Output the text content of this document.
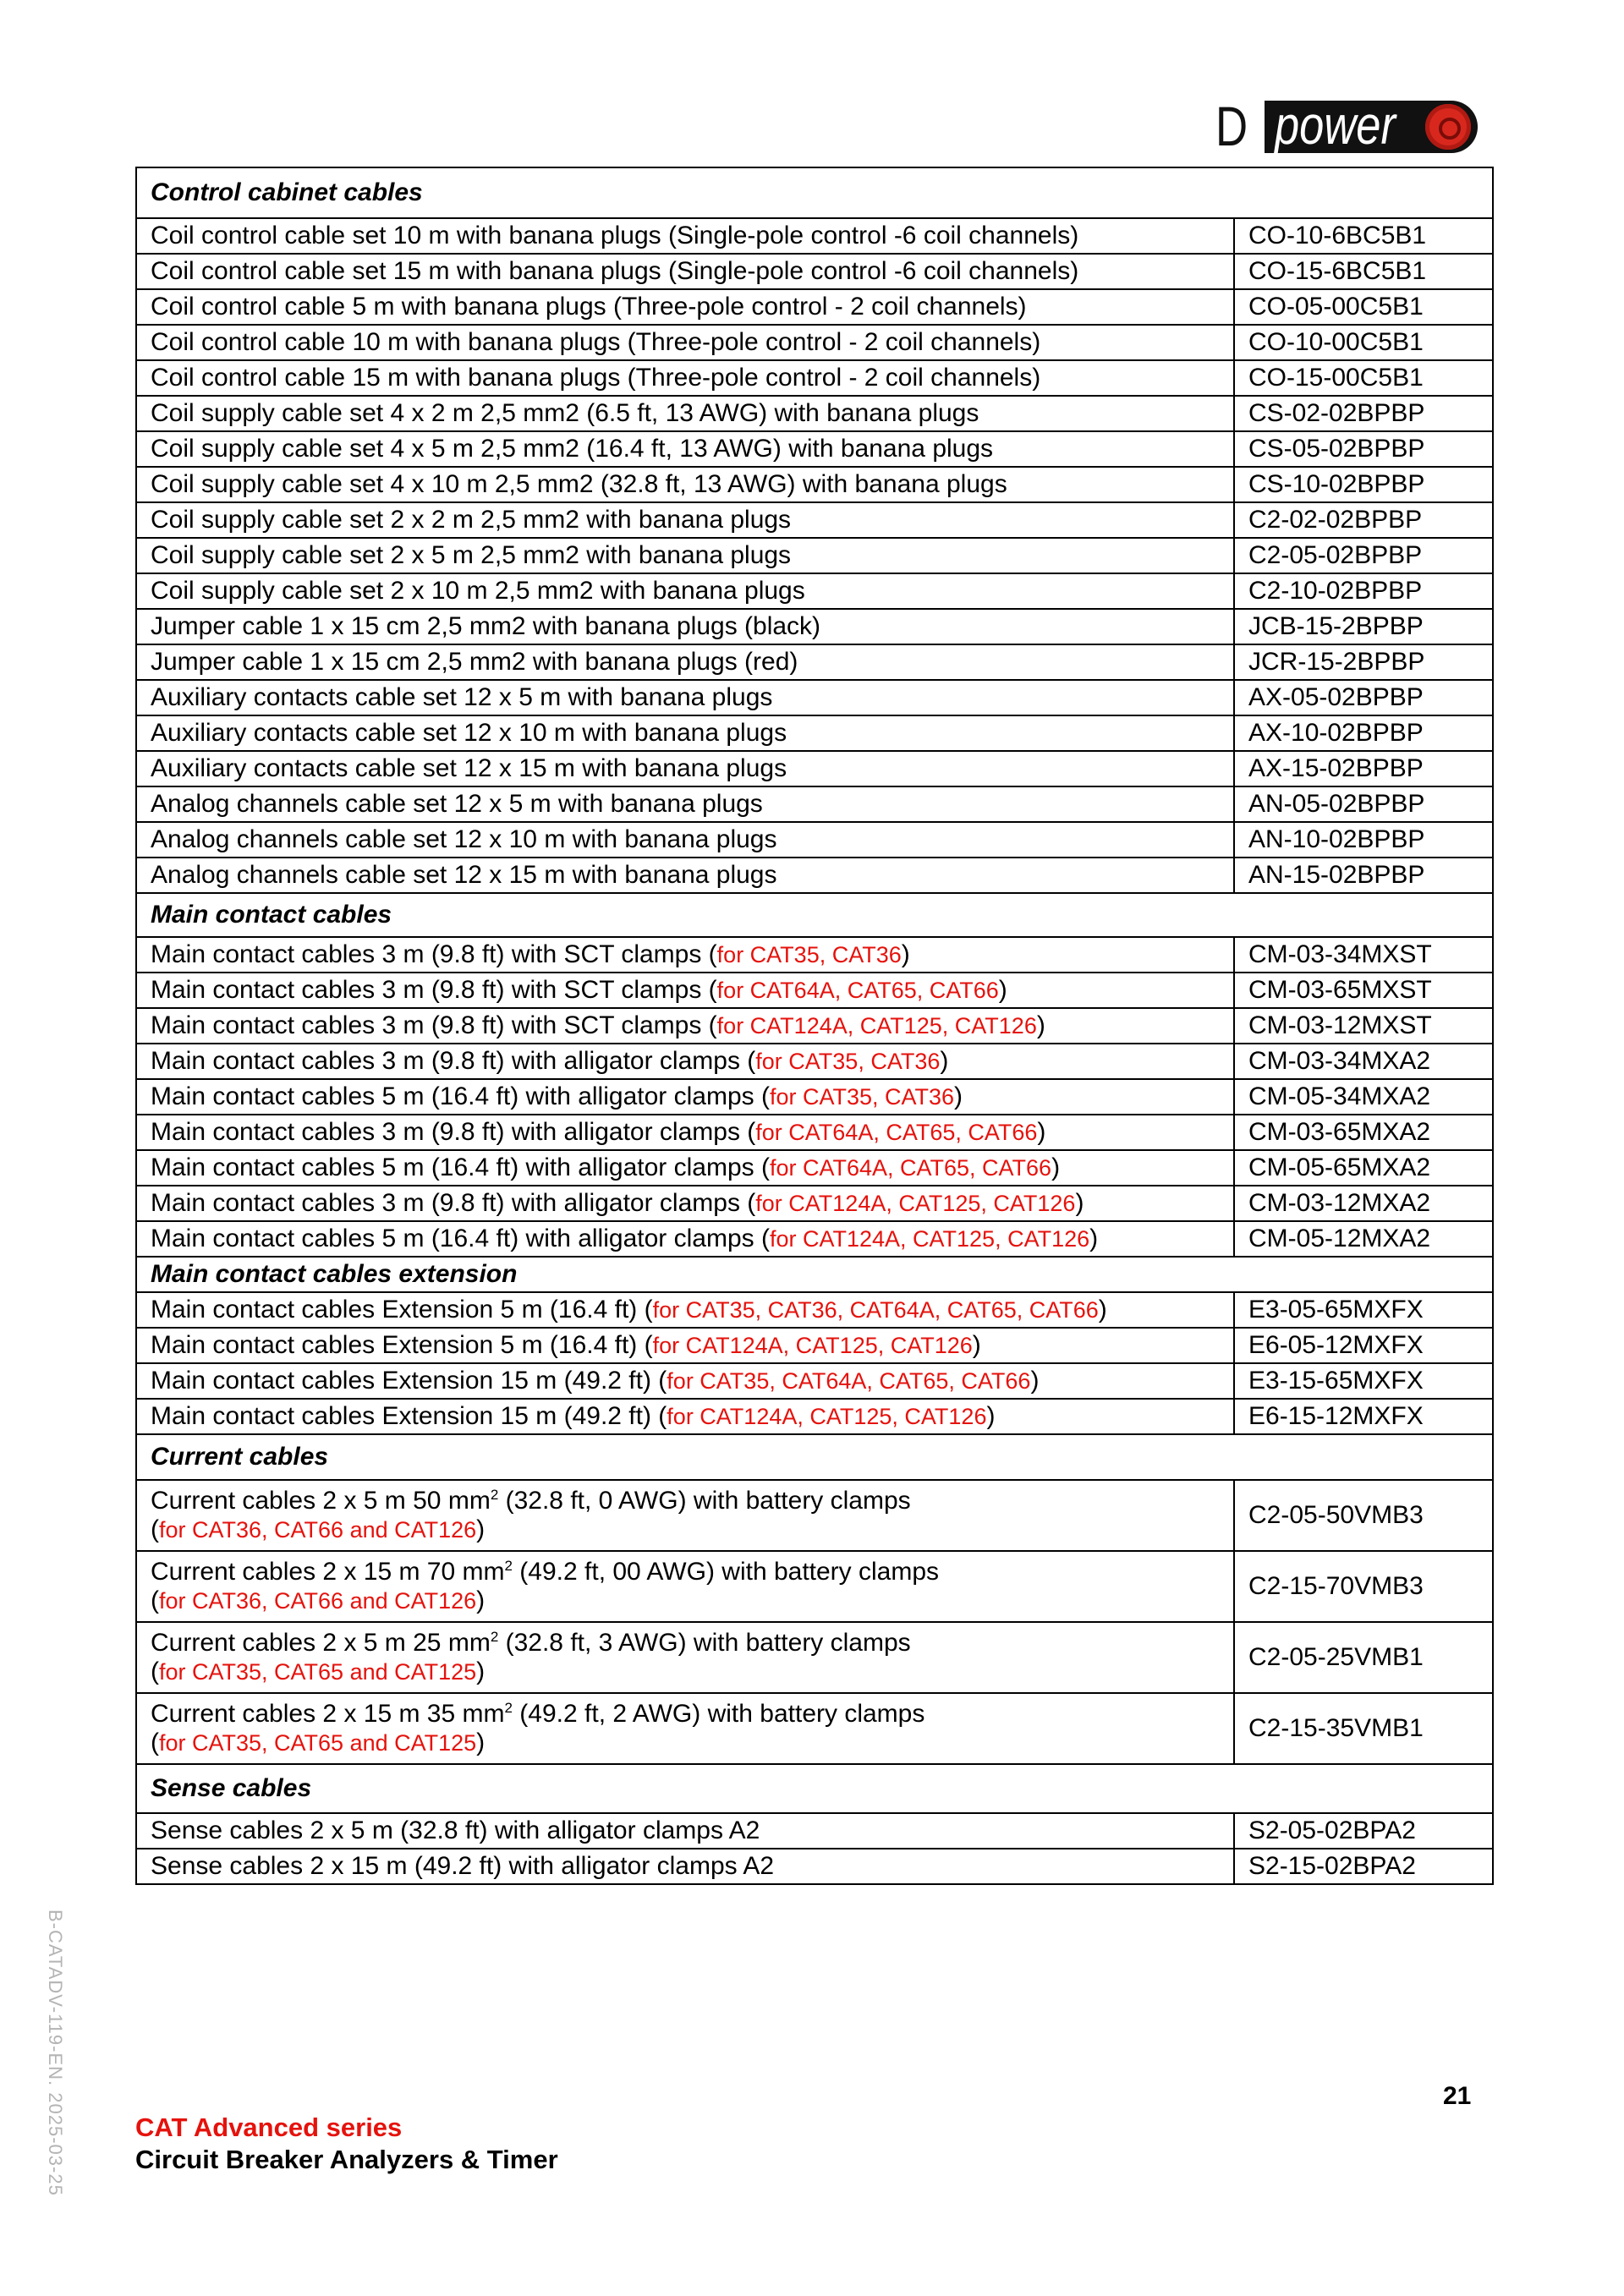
D power
Control cabinet cables	
Coil control cable set 10 m with banana plugs (Single-pole control -6 coil channels)	CO-10-6BC5B1
Coil control cable set 15 m with banana plugs (Single-pole control -6 coil channels)	CO-15-6BC5B1
Coil control cable 5 m with banana plugs (Three-pole control - 2 coil channels)	CO-05-00C5B1
Coil control cable 10 m with banana plugs (Three-pole control - 2 coil channels)	CO-10-00C5B1
Coil control cable 15 m with banana plugs (Three-pole control - 2 coil channels)	CO-15-00C5B1
Coil supply cable set 4 x 2 m 2,5 mm2 (6.5 ft, 13 AWG) with banana plugs	CS-02-02BPBP
Coil supply cable set 4 x 5 m 2,5 mm2 (16.4 ft, 13 AWG) with banana plugs	CS-05-02BPBP
Coil supply cable set 4 x 10 m 2,5 mm2 (32.8 ft, 13 AWG) with banana plugs	CS-10-02BPBP
Coil supply cable set 2 x 2 m 2,5 mm2 with banana plugs	C2-02-02BPBP
Coil supply cable set 2 x 5 m 2,5 mm2 with banana plugs	C2-05-02BPBP
Coil supply cable set 2 x 10 m 2,5 mm2 with banana plugs	C2-10-02BPBP
Jumper cable 1 x 15 cm 2,5 mm2 with banana plugs (black)	JCB-15-2BPBP
Jumper cable 1 x 15 cm 2,5 mm2 with banana plugs (red)	JCR-15-2BPBP
Auxiliary contacts cable set 12 x 5 m with banana plugs	AX-05-02BPBP
Auxiliary contacts cable set 12 x 10 m with banana plugs	AX-10-02BPBP
Auxiliary contacts cable set 12 x 15 m with banana plugs	AX-15-02BPBP
Analog channels cable set 12 x 5 m with banana plugs	AN-05-02BPBP
Analog channels cable set 12 x 10 m with banana plugs	AN-10-02BPBP
Analog channels cable set 12 x 15 m with banana plugs	AN-15-02BPBP
Main contact cables	
Main contact cables 3 m (9.8 ft) with SCT clamps (for CAT35, CAT36)	CM-03-34MXST
Main contact cables 3 m (9.8 ft) with SCT clamps (for CAT64A, CAT65, CAT66)	CM-03-65MXST
Main contact cables 3 m (9.8 ft) with SCT clamps (for CAT124A, CAT125, CAT126)	CM-03-12MXST
Main contact cables 3 m (9.8 ft) with alligator clamps (for CAT35, CAT36)	CM-03-34MXA2
Main contact cables 5 m (16.4 ft) with alligator clamps (for CAT35, CAT36)	CM-05-34MXA2
Main contact cables 3 m (9.8 ft) with alligator clamps (for CAT64A, CAT65, CAT66)	CM-03-65MXA2
Main contact cables 5 m (16.4 ft) with alligator clamps (for CAT64A, CAT65, CAT66)	CM-05-65MXA2
Main contact cables 3 m (9.8 ft) with alligator clamps (for CAT124A, CAT125, CAT126)	CM-03-12MXA2
Main contact cables 5 m (16.4 ft) with alligator clamps (for CAT124A, CAT125, CAT126)	CM-05-12MXA2
Main contact cables extension	
Main contact cables Extension 5 m (16.4 ft) (for CAT35, CAT36, CAT64A, CAT65, CAT66)	E3-05-65MXFX
Main contact cables Extension 5 m (16.4 ft) (for CAT124A, CAT125, CAT126)	E6-05-12MXFX
Main contact cables Extension 15 m (49.2 ft) (for CAT35, CAT64A, CAT65, CAT66)	E3-15-65MXFX
Main contact cables Extension 15 m (49.2 ft) (for CAT124A, CAT125, CAT126)	E6-15-12MXFX
Current cables	
Current cables 2 x 5 m 50 $mm^2$ (32.8 ft, 0 AWG) with battery clamps
(for CAT36, CAT66 and CAT126)	C2-05-50VMB3
Current cables 2 x 15 m 70 $mm^2$ (49.2 ft, 00 AWG) with battery clamps
(for CAT36, CAT66 and CAT126)	C2-15-70VMB3
Current cables 2 x 5 m 25 $mm^2$ (32.8 ft, 3 AWG) with battery clamps
(for CAT35, CAT65 and CAT125)	C2-05-25VMB1
Current cables 2 x 15 m 35 $mm^2$ (49.2 ft, 2 AWG) with battery clamps
(for CAT35, CAT65 and CAT125)	C2-15-35VMB1
Sense cables	
Sense cables 2 x 5 m (32.8 ft) with alligator clamps A2	S2-05-02BPA2
Sense cables 2 x 15 m (49.2 ft) with alligator clamps A2	S2-15-02BPA2
B-CATADV-119-EN. 2025-03-25	21
CAT Advanced series
Circuit Breaker Analyzers & Timer
